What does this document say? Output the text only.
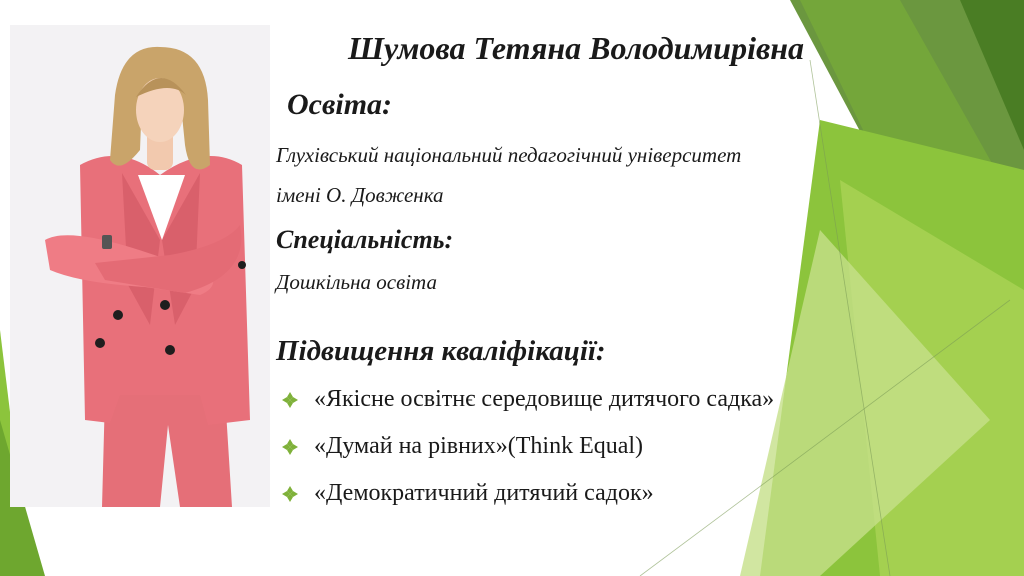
Шумова Тетяна Володимирівна
Освіта:
Глухівський національний педагогічний університет
імені О. Довженка
Спеціальність:
Дошкільна освіта
Підвищення кваліфікації:
«Якісне освітнє середовище дитячого садка»
«Думай на рівних»(Think Equal)
«Демократичний дитячий садок»
